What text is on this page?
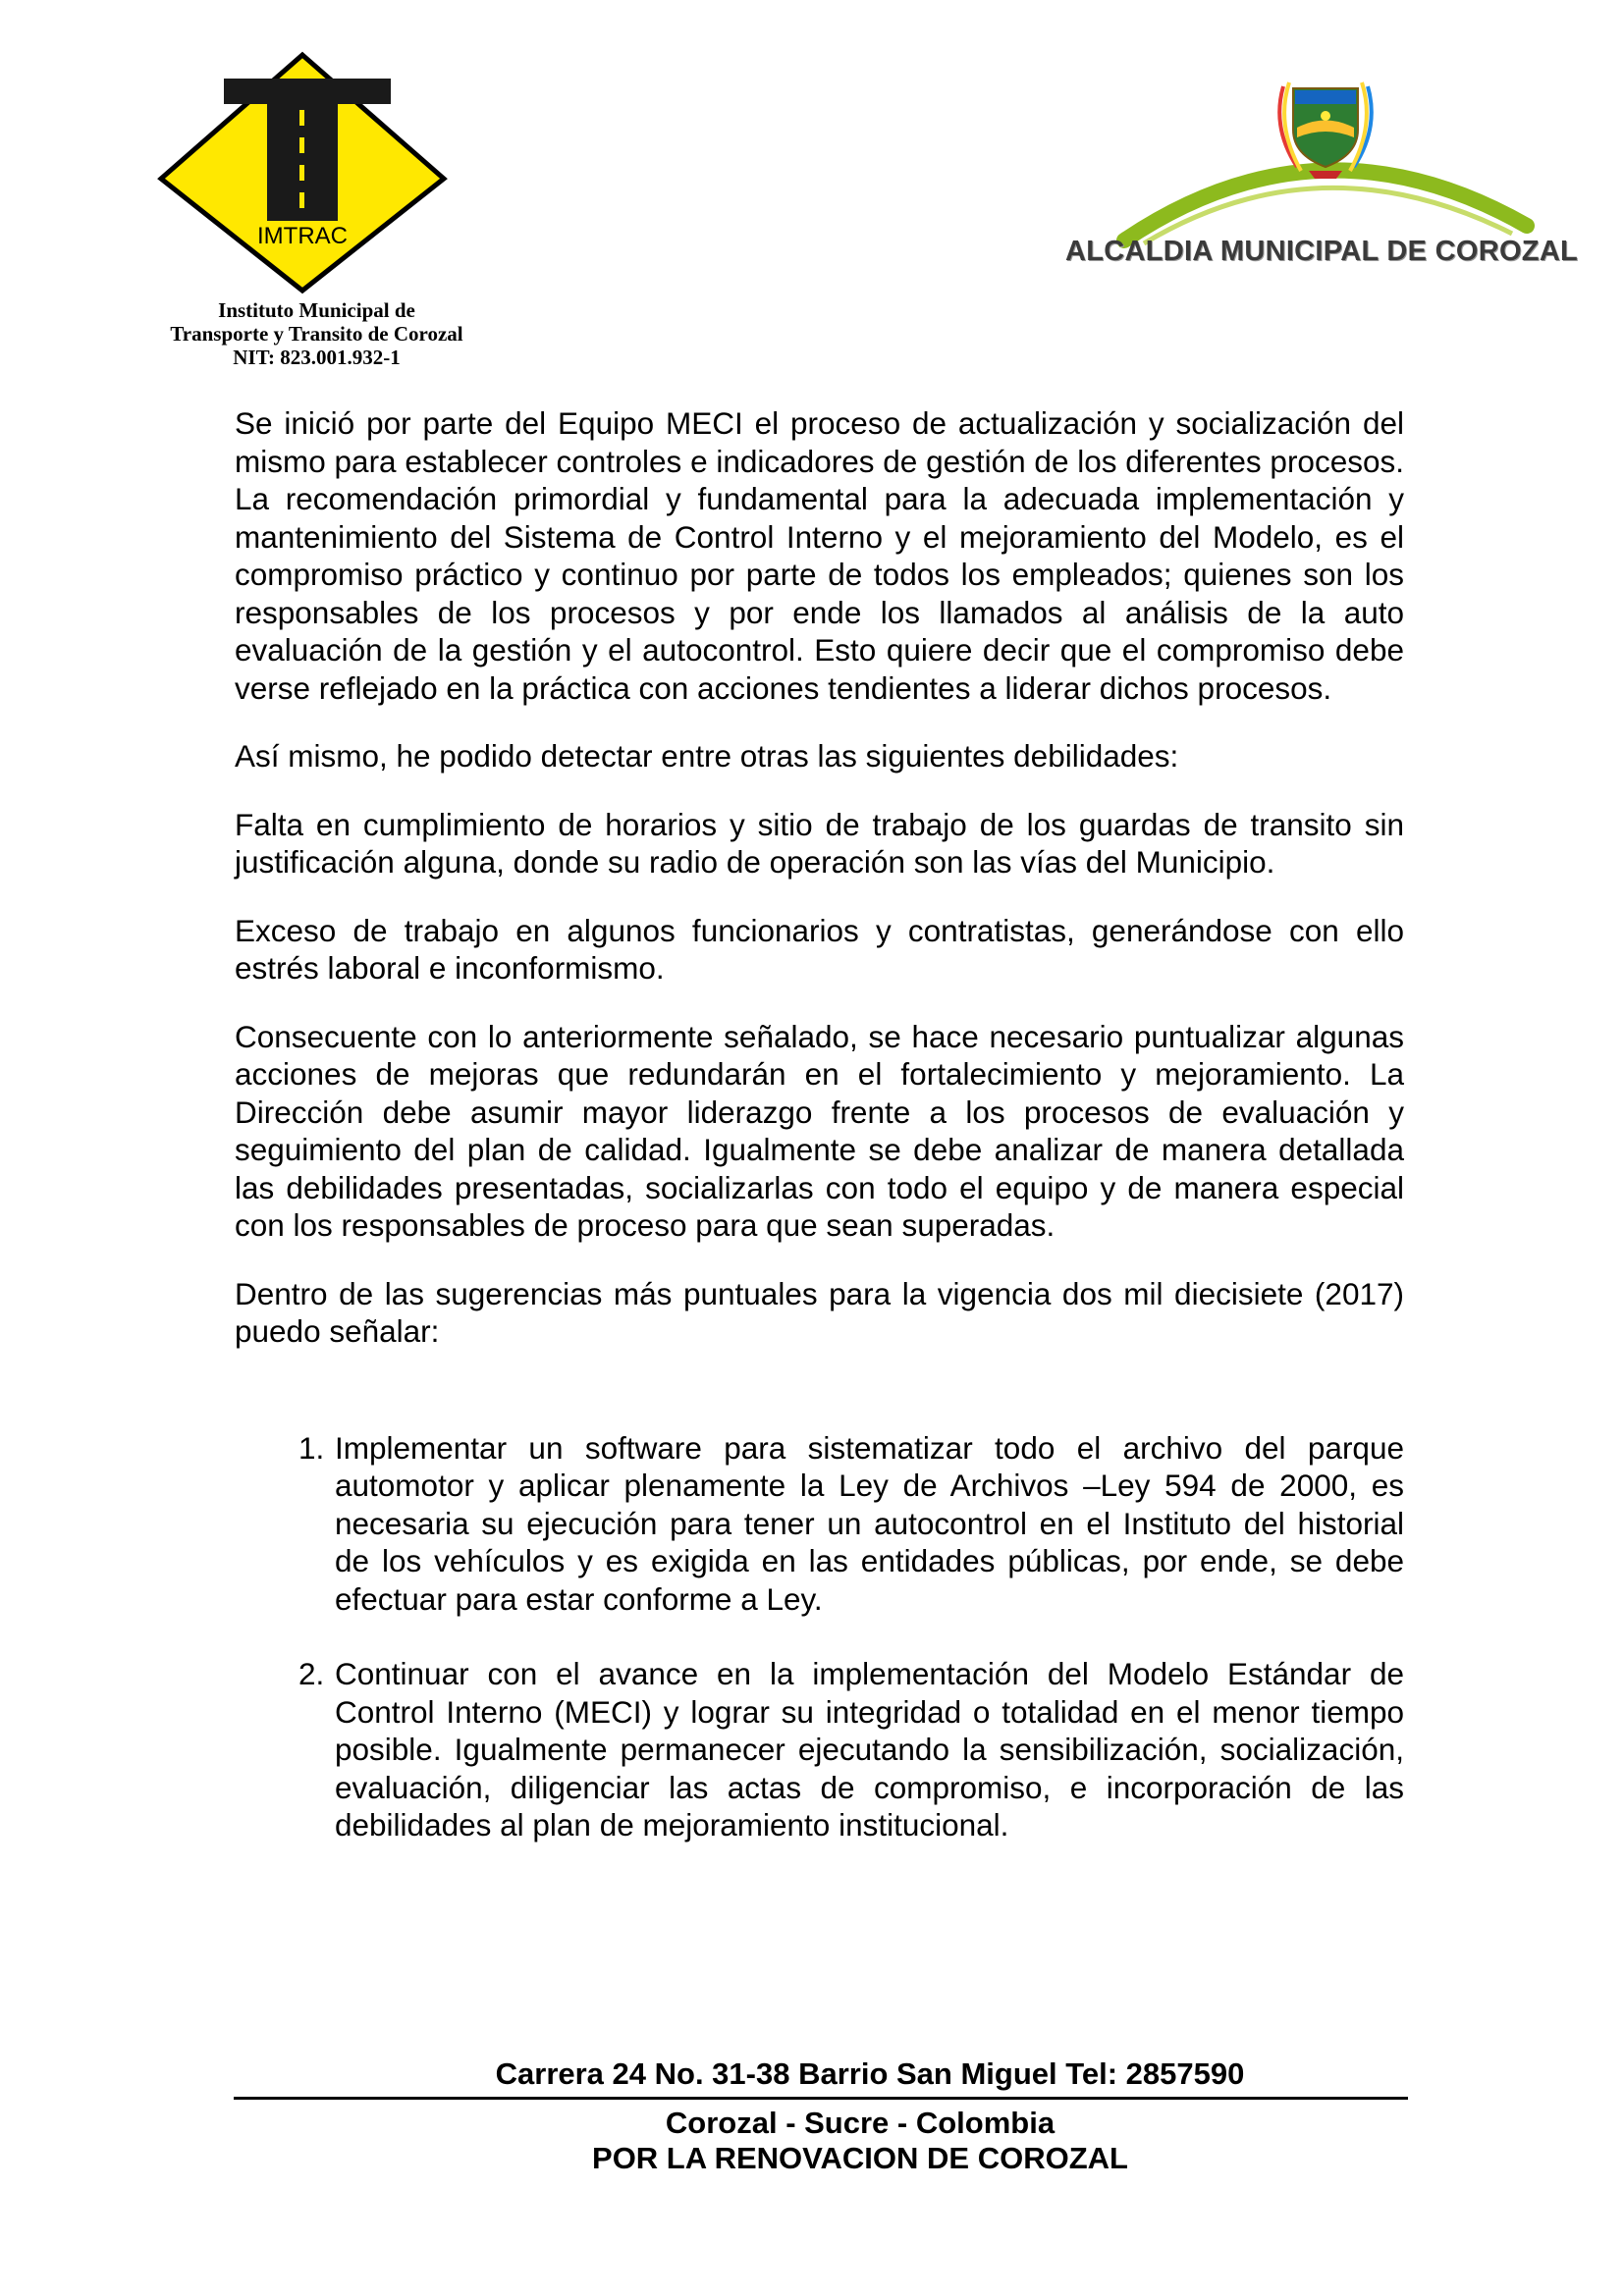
IMTRAC
Instituto Municipal de
Transporte y Transito de Corozal
NIT: 823.001.932-1
ALCALDIA MUNICIPAL DE COROZAL

Se inició por parte del Equipo MECI el proceso de actualización y socialización del mismo para establecer controles e indicadores de gestión de los diferentes procesos. La recomendación primordial y fundamental para la adecuada implementación y mantenimiento del Sistema de Control Interno y el mejoramiento del Modelo, es el compromiso práctico y continuo por parte de todos los empleados; quienes son los responsables de los procesos y por ende los llamados al análisis de la auto evaluación de la gestión y el autocontrol. Esto quiere decir que el compromiso debe verse reflejado en la práctica con acciones tendientes a liderar dichos procesos.

Así mismo, he podido detectar entre otras las siguientes debilidades:

Falta en cumplimiento de horarios y sitio de trabajo de los guardas de transito sin justificación alguna, donde su radio de operación son las vías del Municipio.

Exceso de trabajo en algunos funcionarios y contratistas, generándose con ello estrés laboral e inconformismo.

Consecuente con lo anteriormente señalado, se hace necesario puntualizar algunas acciones de mejoras que redundarán en el fortalecimiento y mejoramiento. La Dirección debe asumir mayor liderazgo frente a los procesos de evaluación y seguimiento del plan de calidad. Igualmente se debe analizar de manera detallada las debilidades presentadas, socializarlas con todo el equipo y de manera especial con los responsables de proceso para que sean superadas.

Dentro de las sugerencias más puntuales para la vigencia dos mil diecisiete (2017) puedo señalar:

1. Implementar un software para sistematizar todo el archivo del parque automotor y aplicar plenamente la Ley de Archivos –Ley 594 de 2000, es necesaria su ejecución para tener un autocontrol en el Instituto del historial de los vehículos y es exigida en las entidades públicas, por ende, se debe efectuar para estar conforme a Ley.
2. Continuar con el avance en la implementación del Modelo Estándar de Control Interno (MECI) y lograr su integridad o totalidad en el menor tiempo posible. Igualmente permanecer ejecutando la sensibilización, socialización, evaluación, diligenciar las actas de compromiso, e incorporación de las debilidades al plan de mejoramiento institucional.
Carrera 24 No. 31-38 Barrio San Miguel Tel: 2857590
Corozal - Sucre - Colombia
POR LA RENOVACION DE COROZAL
